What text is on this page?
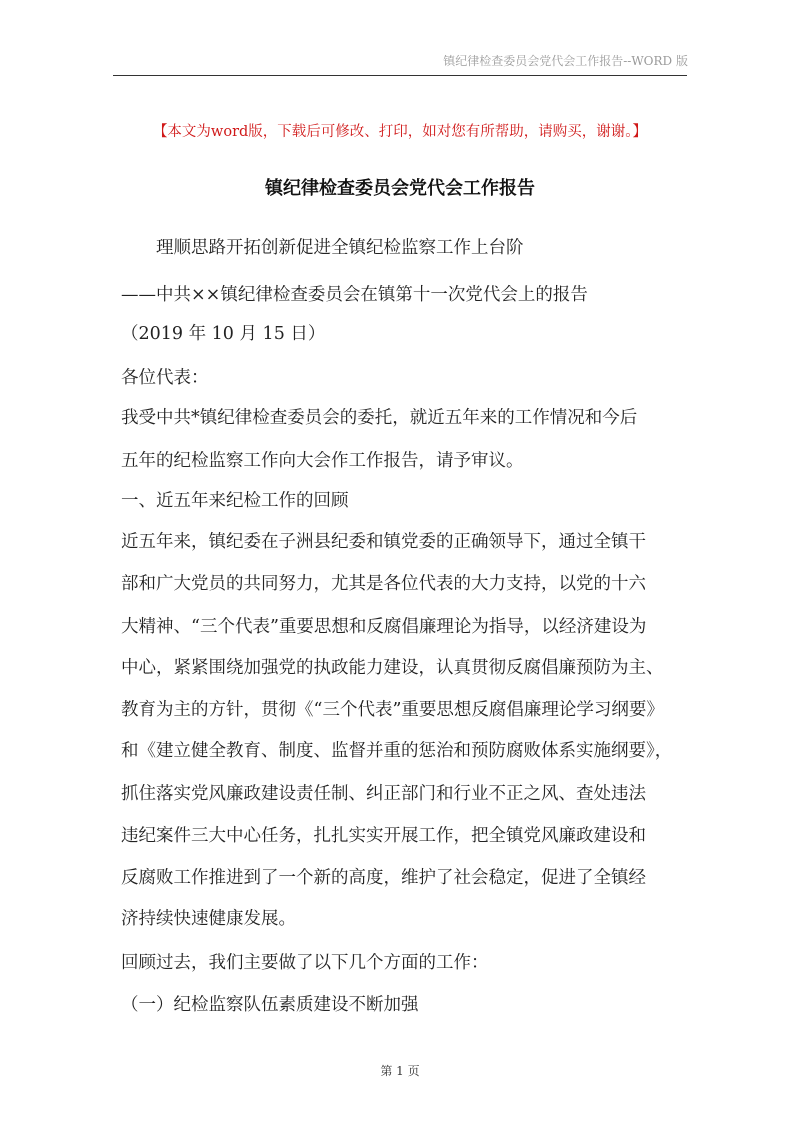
镇纪律检查委员会党代会工作报告--WORD 版
【本文为word版，下载后可修改、打印，如对您有所帮助，请购买，谢谢。】
镇纪律检查委员会党代会工作报告
理顺思路开拓创新促进全镇纪检监察工作上台阶
——中共××镇纪律检查委员会在镇第十一次党代会上的报告
（2019 年 10 月 15 日）
各位代表：
我受中共*镇纪律检查委员会的委托，就近五年来的工作情况和今后
五年的纪检监察工作向大会作工作报告，请予审议。
一、近五年来纪检工作的回顾
近五年来，镇纪委在子洲县纪委和镇党委的正确领导下，通过全镇干
部和广大党员的共同努力，尤其是各位代表的大力支持，以党的十六
大精神、“三个代表”重要思想和反腐倡廉理论为指导，以经济建设为
中心，紧紧围绕加强党的执政能力建设，认真贯彻反腐倡廉预防为主、
教育为主的方针，贯彻《“三个代表”重要思想反腐倡廉理论学习纲要》
和《建立健全教育、制度、监督并重的惩治和预防腐败体系实施纲要》，
抓住落实党风廉政建设责任制、纠正部门和行业不正之风、查处违法
违纪案件三大中心任务，扎扎实实开展工作，把全镇党风廉政建设和
反腐败工作推进到了一个新的高度，维护了社会稳定，促进了全镇经
济持续快速健康发展。
回顾过去，我们主要做了以下几个方面的工作：
（一）纪检监察队伍素质建设不断加强
第 1 页
